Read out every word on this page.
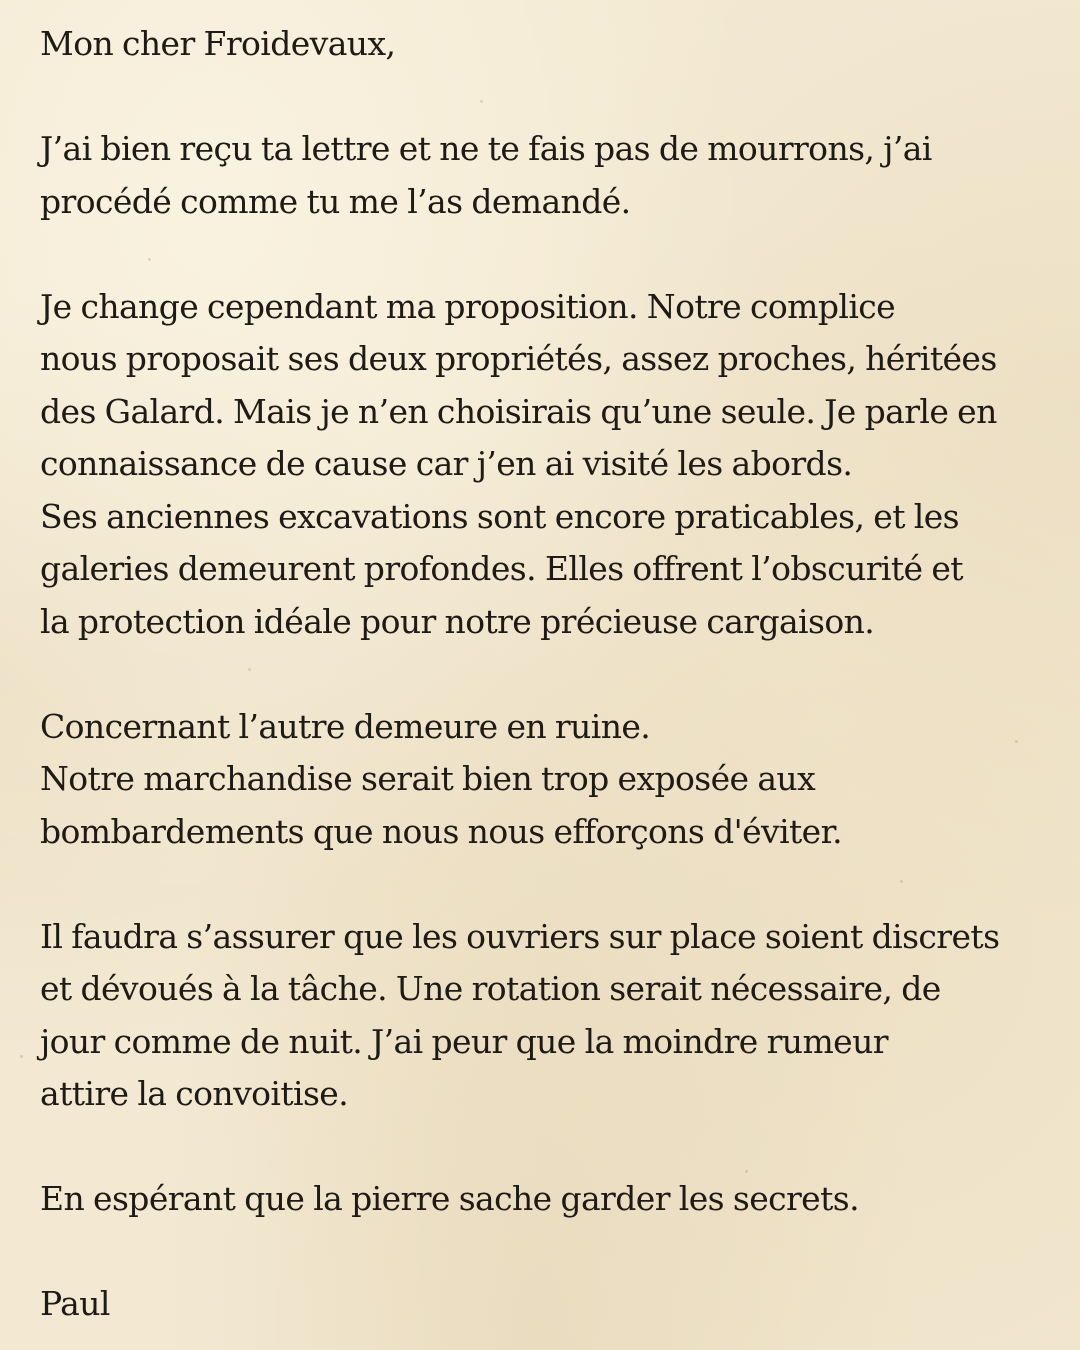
Mon cher Froidevaux,
J’ai bien reçu ta lettre et ne te fais pas de mourrons, j’ai
procédé comme tu me l’as demandé.
Je change cependant ma proposition. Notre complice
nous proposait ses deux propriétés, assez proches, héritées
des Galard. Mais je n’en choisirais qu’une seule. Je parle en
connaissance de cause car j’en ai visité les abords.
Ses anciennes excavations sont encore praticables, et les
galeries demeurent profondes. Elles offrent l’obscurité et
la protection idéale pour notre précieuse cargaison.
Concernant l’autre demeure en ruine.
Notre marchandise serait bien trop exposée aux
bombardements que nous nous efforçons d'éviter.
Il faudra s’assurer que les ouvriers sur place soient discrets
et dévoués à la tâche. Une rotation serait nécessaire, de
jour comme de nuit. J’ai peur que la moindre rumeur
attire la convoitise.
En espérant que la pierre sache garder les secrets.
Paul
